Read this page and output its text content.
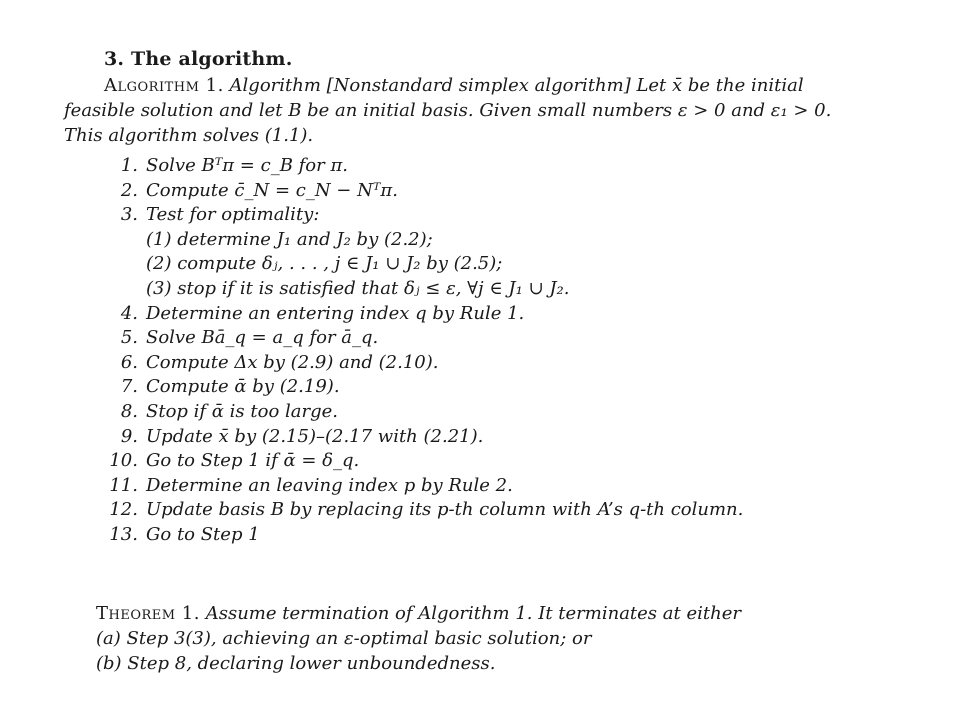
3. The algorithm.
Algorithm 1. Algorithm [Nonstandard simplex algorithm] Let x̄ be the initial
feasible solution and let B be an initial basis. Given small numbers ε > 0 and ε₁ > 0.
This algorithm solves (1.1).
1. Solve Bᵀπ = c_B for π.
2. Compute c̄_N = c_N − Nᵀπ.
3. Test for optimality:
(1) determine J₁ and J₂ by (2.2);
(2) compute δⱼ, . . . , j ∈ J₁ ∪ J₂ by (2.5);
(3) stop if it is satisfied that δⱼ ≤ ε, ∀j ∈ J₁ ∪ J₂.
4. Determine an entering index q by Rule 1.
5. Solve Bā_q = a_q for ā_q.
6. Compute Δx by (2.9) and (2.10).
7. Compute ᾱ by (2.19).
8. Stop if ᾱ is too large.
9. Update x̄ by (2.15)–(2.17 with (2.21).
10. Go to Step 1 if ᾱ = δ_q.
11. Determine an leaving index p by Rule 2.
12. Update basis B by replacing its p-th column with A’s q-th column.
13. Go to Step 1
Theorem 1. Assume termination of Algorithm 1. It terminates at either
(a) Step 3(3), achieving an ε-optimal basic solution; or
(b) Step 8, declaring lower unboundedness.
